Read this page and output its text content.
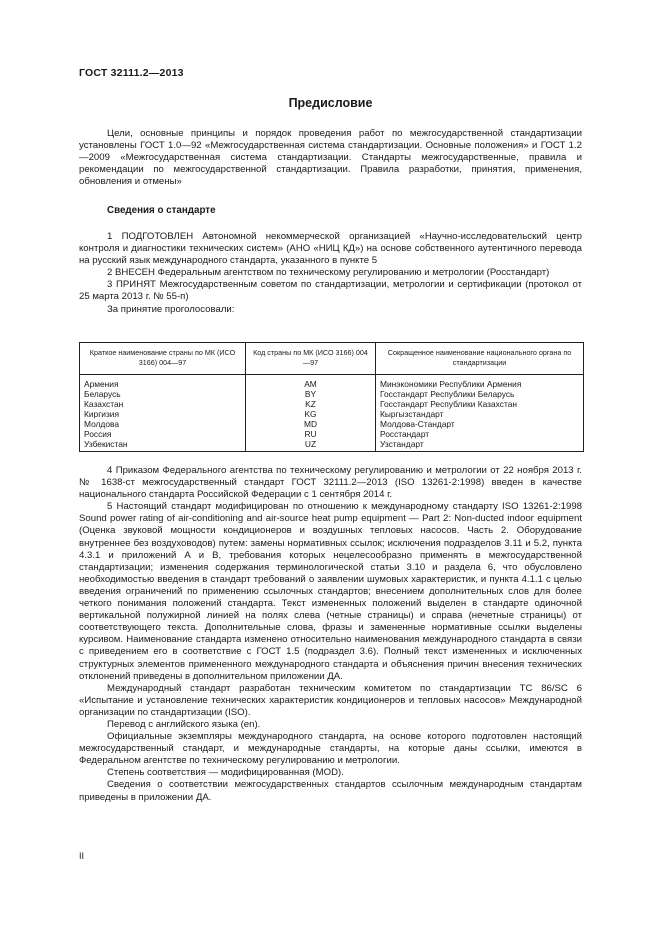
ГОСТ 32111.2—2013
Предисловие

Цели, основные принципы и порядок проведения работ по межгосударственной стандартизации установлены ГОСТ 1.0—92 «Межгосударственная система стандартизации. Основные положения» и ГОСТ 1.2—2009 «Межгосударственная система стандартизации. Стандарты межгосударственные, правила и рекомендации по межгосударственной стандартизации. Правила разработки, принятия, применения, обновления и отмены»

Сведения о стандарте

1 ПОДГОТОВЛЕН Автономной некоммерческой организацией «Научно-исследовательский центр контроля и диагностики технических систем» (АНО «НИЦ КД») на основе собственного аутентичного перевода на русский язык международного стандарта, указанного в пункте 5

2 ВНЕСЕН Федеральным агентством по техническому регулированию и метрологии (Росстандарт)

3 ПРИНЯТ Межгосударственным советом по стандартизации, метрологии и сертификации (протокол от 25 марта 2013 г. № 55-п)

За принятие проголосовали:

Краткое наименование страны по МК (ИСО 3166) 004—97	Код страны по МК (ИСО 3166) 004—97	Сокращенное наименование национального органа по стандартизации
Армения	AM	Минэкономики Республики Армения
Беларусь	BY	Госстандарт Республики Беларусь
Казахстан	KZ	Госстандарт Республики Казахстан
Киргизия	KG	Кыргызстандарт
Молдова	MD	Молдова-Стандарт
Россия	RU	Росстандарт
Узбекистан	UZ	Узстандарт

4 Приказом Федерального агентства по техническому регулированию и метрологии от 22 ноября 2013 г. № 1638-ст межгосударственный стандарт ГОСТ 32111.2—2013 (ISO 13261-2:1998) введен в качестве национального стандарта Российской Федерации с 1 сентября 2014 г.

5 Настоящий стандарт модифицирован по отношению к международному стандарту ISO 13261-2:1998 Sound power rating of air-conditioning and air-source heat pump equipment — Part 2: Non-ducted indoor equipment (Оценка звуковой мощности кондиционеров и воздушных тепловых насосов. Часть 2. Оборудование внутреннее без воздуховодов) путем: замены нормативных ссылок; исключения подразделов 3.11 и 5.2, пункта 4.3.1 и приложений А и В, требования которых нецелесообразно применять в межгосударственной стандартизации; изменения содержания терминологической статьи 3.10 и раздела 6, что обусловлено необходимостью введения в стандарт требований о заявлении шумовых характеристик, и пункта 4.1.1 с целью введения ограничений по применению ссылочных стандартов; внесением дополнительных слов для более четкого понимания положений стандарта. Текст измененных положений выделен в стандарте одиночной вертикальной полужирной линией на полях слева (четные страницы) и справа (нечетные страницы) от соответствующего текста. Дополнительные слова, фразы и замененные нормативные ссылки выделены курсивом. Наименование стандарта изменено относительно наименования международного стандарта в связи с приведением его в соответствие с ГОСТ 1.5 (подраздел 3.6). Полный текст измененных и исключенных структурных элементов примененного международного стандарта и объяснения причин внесения технических отклонений приведены в дополнительном приложении ДА.

Международный стандарт разработан техническим комитетом по стандартизации ТС 86/SC 6 «Испытание и установление технических характеристик кондиционеров и тепловых насосов» Международной организации по стандартизации (ISO).

Перевод с английского языка (en).

Официальные экземпляры международного стандарта, на основе которого подготовлен настоящий межгосударственный стандарт, и международные стандарты, на которые даны ссылки, имеются в Федеральном агентстве по техническому регулированию и метрологии.

Степень соответствия — модифицированная (MOD).

Сведения о соответствии межгосударственных стандартов ссылочным международным стандартам приведены в приложении ДА.

II
